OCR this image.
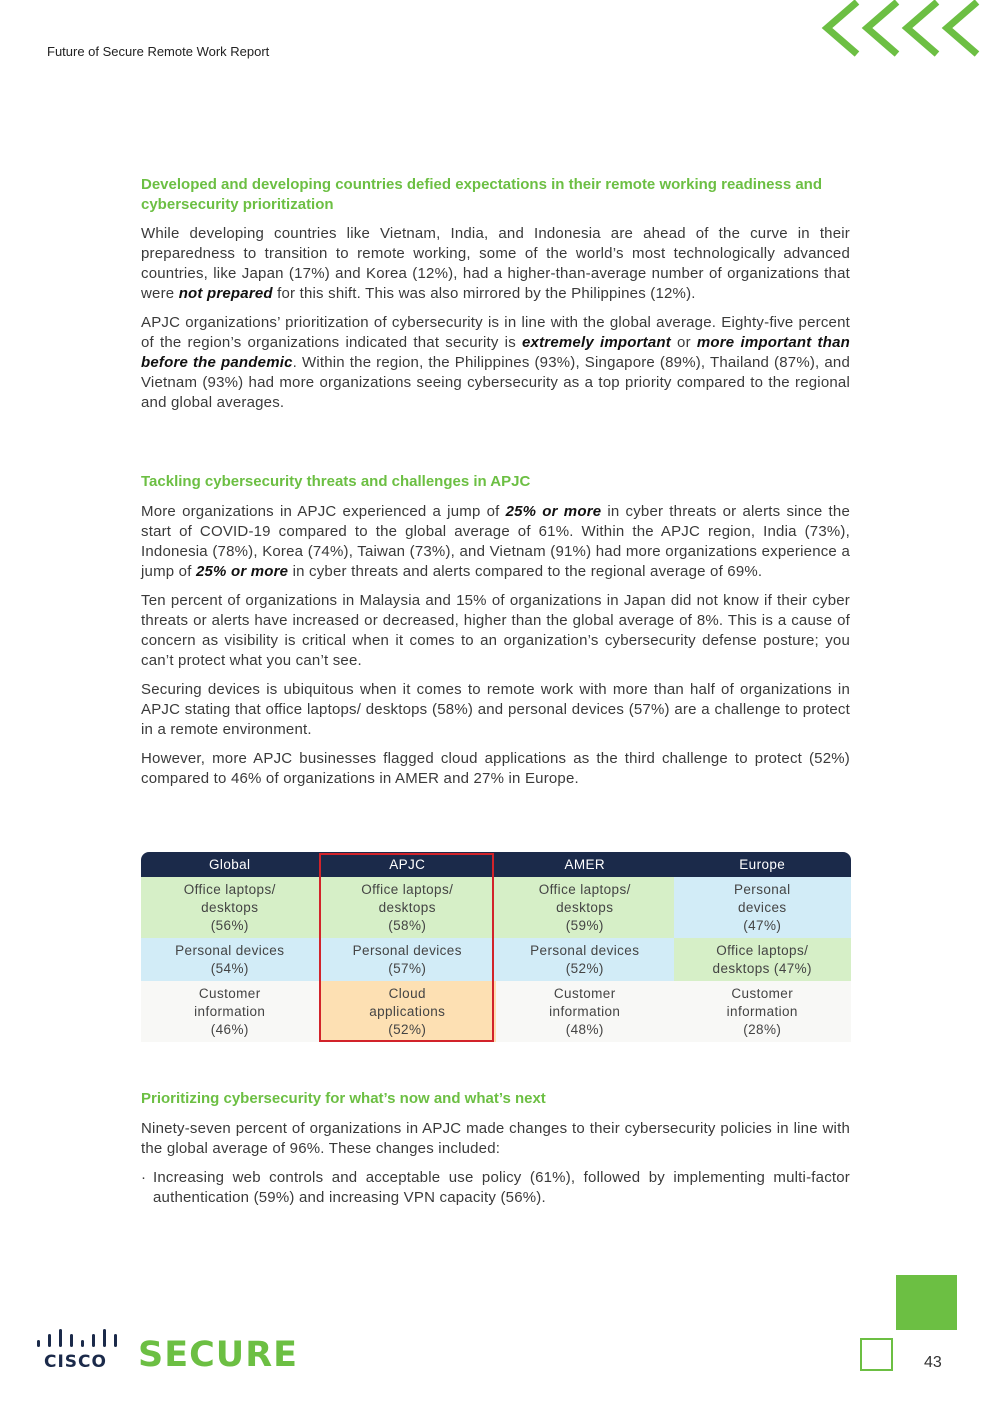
Future of Secure Remote Work Report
Developed and developing countries defied expectations in their remote working readiness and cybersecurity prioritization

While developing countries like Vietnam, India, and Indonesia are ahead of the curve in their preparedness to transition to remote working, some of the world’s most technologically advanced countries, like Japan (17%) and Korea (12%), had a higher-than-average number of organizations that were not prepared for this shift. This was also mirrored by the Philippines (12%).

APJC organizations’ prioritization of cybersecurity is in line with the global average. Eighty-five percent of the region’s organizations indicated that security is extremely important or more important than before the pandemic. Within the region, the Philippines (93%), Singapore (89%), Thailand (87%), and Vietnam (93%) had more organizations seeing cybersecurity as a top priority compared to the regional and global averages.

Tackling cybersecurity threats and challenges in APJC

More organizations in APJC experienced a jump of 25% or more in cyber threats or alerts since the start of COVID-19 compared to the global average of 61%. Within the APJC region, India (73%), Indonesia (78%), Korea (74%), Taiwan (73%), and Vietnam (91%) had more organizations experience a jump of 25% or more in cyber threats and alerts compared to the regional average of 69%.

Ten percent of organizations in Malaysia and 15% of organizations in Japan did not know if their cyber threats or alerts have increased or decreased, higher than the global average of 8%. This is a cause of concern as visibility is critical when it comes to an organization’s cybersecurity defense posture; you can’t protect what you can’t see.

Securing devices is ubiquitous when it comes to remote work with more than half of organizations in APJC stating that office laptops/ desktops (58%) and personal devices (57%) are a challenge to protect in a remote environment.

However, more APJC businesses flagged cloud applications as the third challenge to protect (52%) compared to 46% of organizations in AMER and 27% in Europe.

Global	APJC	AMER	Europe
Office laptops/
desktops
(56%)	Office laptops/
desktops
(58%)	Office laptops/
desktops
(59%)	Personal
devices
(47%)
Personal devices
(54%)	Personal devices
(57%)	Personal devices
(52%)	Office laptops/
desktops (47%)
Customer
information
(46%)	Cloud
applications
(52%)	Customer
information
(48%)	Customer
information
(28%)
Prioritizing cybersecurity for what’s now and what’s next

Ninety-seven percent of organizations in APJC made changes to their cybersecurity policies in line with the global average of 96%. These changes included:

· Increasing web controls and acceptable use policy (61%), followed by implementing multi-factor authentication (59%) and increasing VPN capacity (56%).
CISCO SECURE	43
